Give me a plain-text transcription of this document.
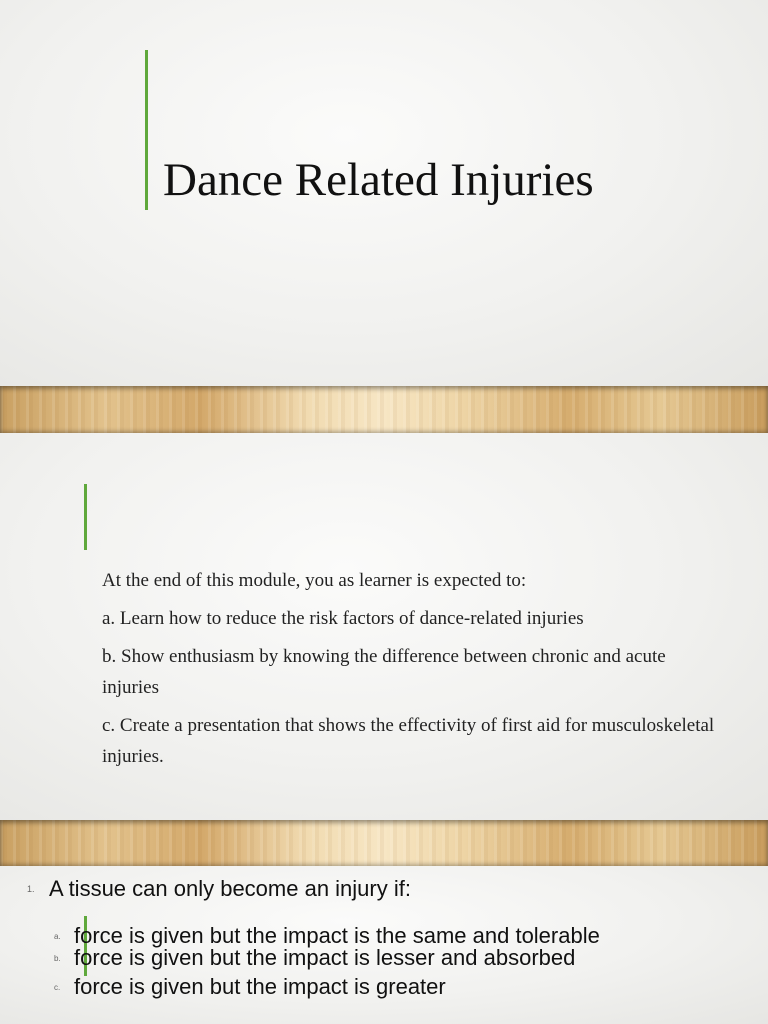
Dance Related Injuries

At the end of this module, you as learner is expected to:

a. Learn how to reduce the risk factors of dance-related injuries

b. Show enthusiasm by knowing the difference between chronic and acute injuries

c. Create a presentation that shows the effectivity of first aid for musculoskeletal injuries.

1. A tissue can only become an injury if:
a. force is given but the impact is the same and tolerable
b. force is given but the impact is lesser and absorbed
c. force is given but the impact is greater
